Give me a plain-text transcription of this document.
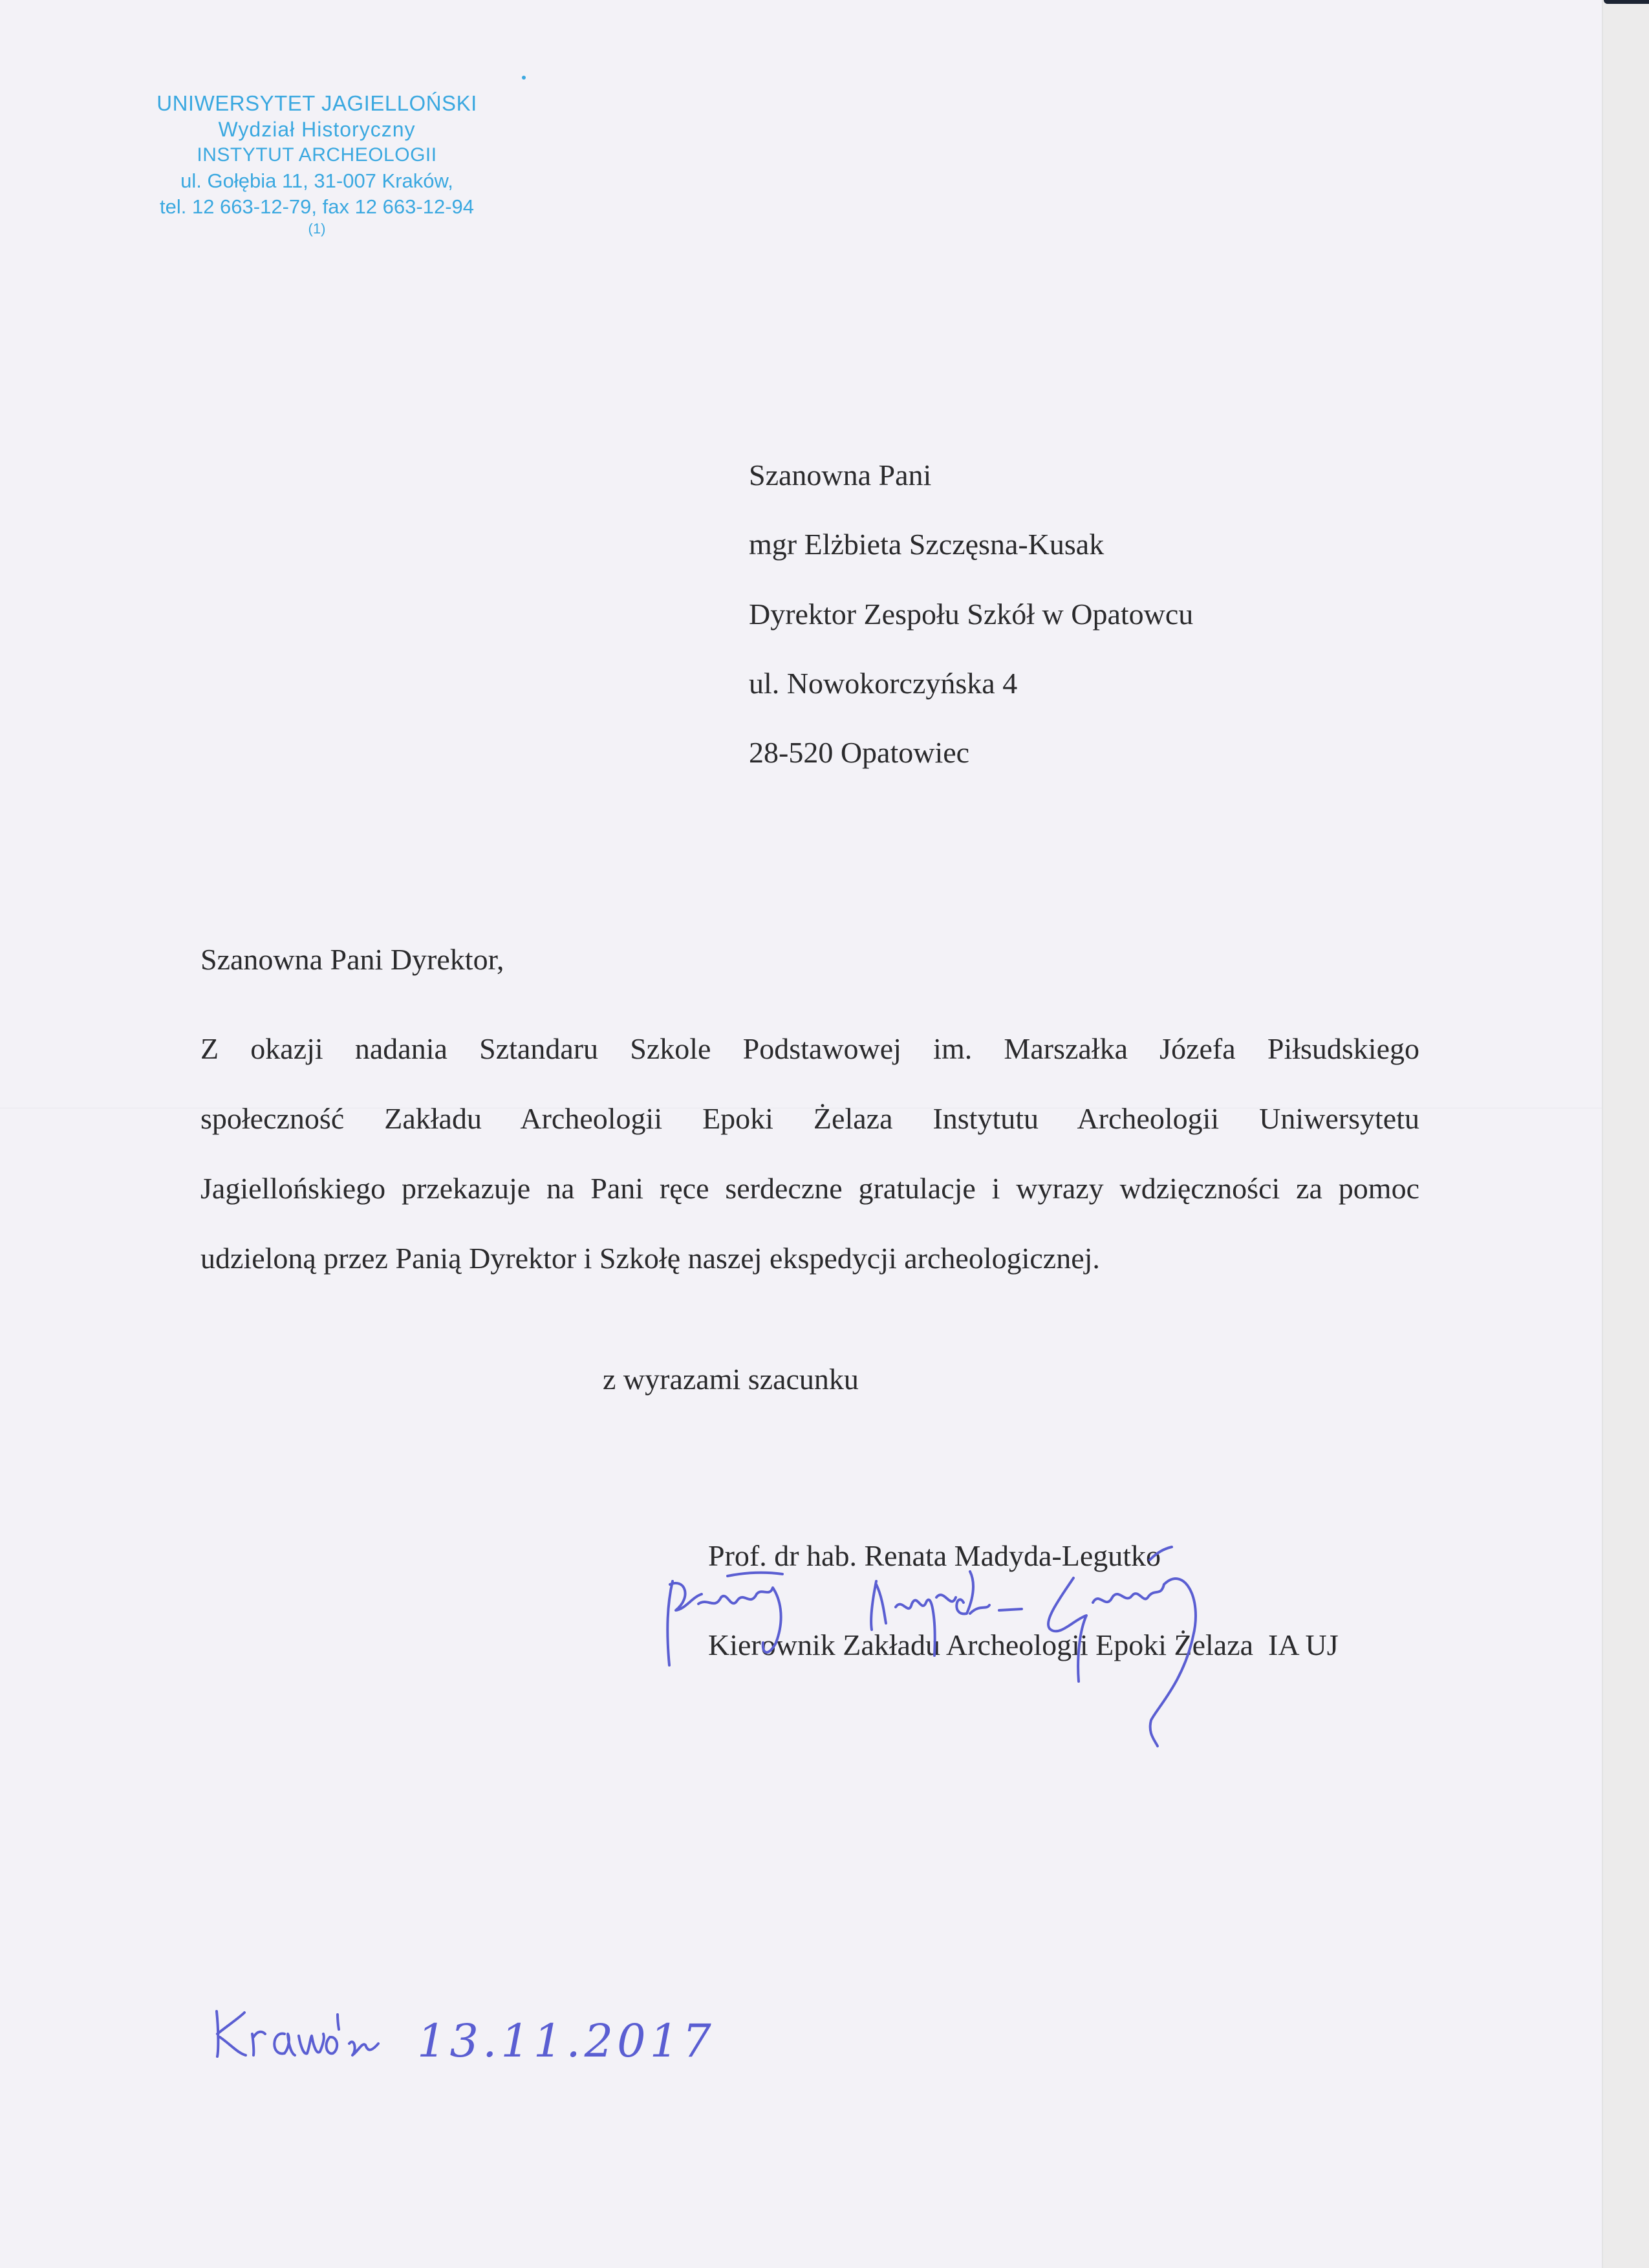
UNIWERSYTET JAGIELLOŃSKI
Wydział Historyczny
INSTYTUT ARCHEOLOGII
ul. Gołębia 11, 31-007 Kraków,
tel. 12 663-12-79, fax 12 663-12-94
(1)
Szanowna Pani
mgr Elżbieta Szczęsna-Kusak
Dyrektor Zespołu Szkół w Opatowcu
ul. Nowokorczyńska 4
28-520 Opatowiec
Szanowna Pani Dyrektor,
Z okazji nadania Sztandaru Szkole Podstawowej im. Marszałka Józefa Piłsudskiego
społeczność Zakładu Archeologii Epoki Żelaza Instytutu Archeologii Uniwersytetu
Jagiellońskiego przekazuje na Pani ręce serdeczne gratulacje i wyrazy wdzięczności za pomoc
udzieloną przez Panią Dyrektor i Szkołę naszej ekspedycji archeologicznej.
z wyrazami szacunku
Prof. dr hab. Renata Madyda-Legutko
Kierownik Zakładu Archeologii Epoki Żelaza  IA UJ
13.11.2017
